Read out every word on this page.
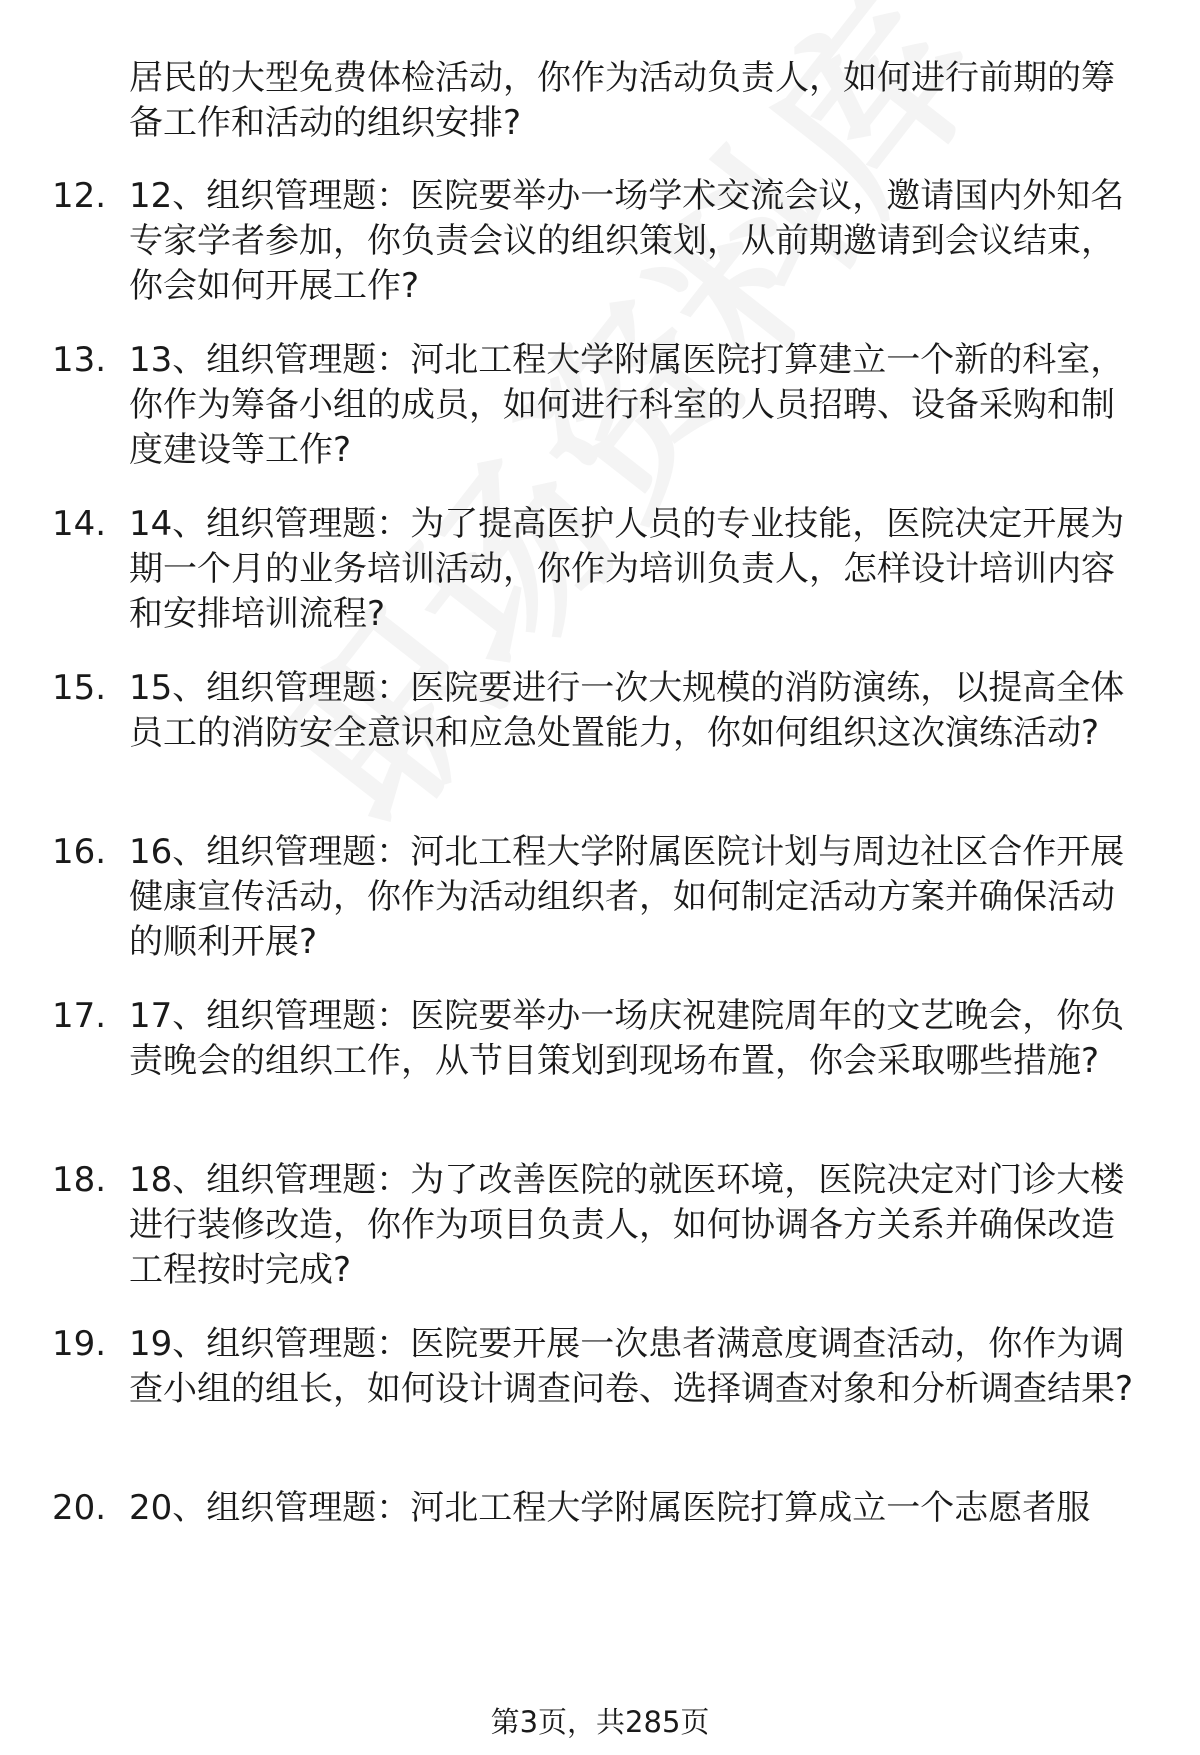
居民的大型免费体检活动，你作为活动负责人，如何进行前期的筹备工作和活动的组织安排?

12. 12、组织管理题：医院要举办一场学术交流会议，邀请国内外知名专家学者参加，你负责会议的组织策划，从前期邀请到会议结束，你会如何开展工作?

13. 13、组织管理题：河北工程大学附属医院打算建立一个新的科室，你作为筹备小组的成员，如何进行科室的人员招聘、设备采购和制度建设等工作?

14. 14、组织管理题：为了提高医护人员的专业技能，医院决定开展为期一个月的业务培训活动，你作为培训负责人，怎样设计培训内容和安排培训流程?

15. 15、组织管理题：医院要进行一次大规模的消防演练，以提高全体员工的消防安全意识和应急处置能力，你如何组织这次演练活动?

16. 16、组织管理题：河北工程大学附属医院计划与周边社区合作开展健康宣传活动，你作为活动组织者，如何制定活动方案并确保活动的顺利开展?

17. 17、组织管理题：医院要举办一场庆祝建院周年的文艺晚会，你负责晚会的组织工作，从节目策划到现场布置，你会采取哪些措施?

18. 18、组织管理题：为了改善医院的就医环境，医院决定对门诊大楼进行装修改造，你作为项目负责人，如何协调各方关系并确保改造工程按时完成?

19. 19、组织管理题：医院要开展一次患者满意度调查活动，你作为调查小组的组长，如何设计调查问卷、选择调查对象和分析调查结果?

20. 20、组织管理题：河北工程大学附属医院打算成立一个志愿者服

第3页，共285页
